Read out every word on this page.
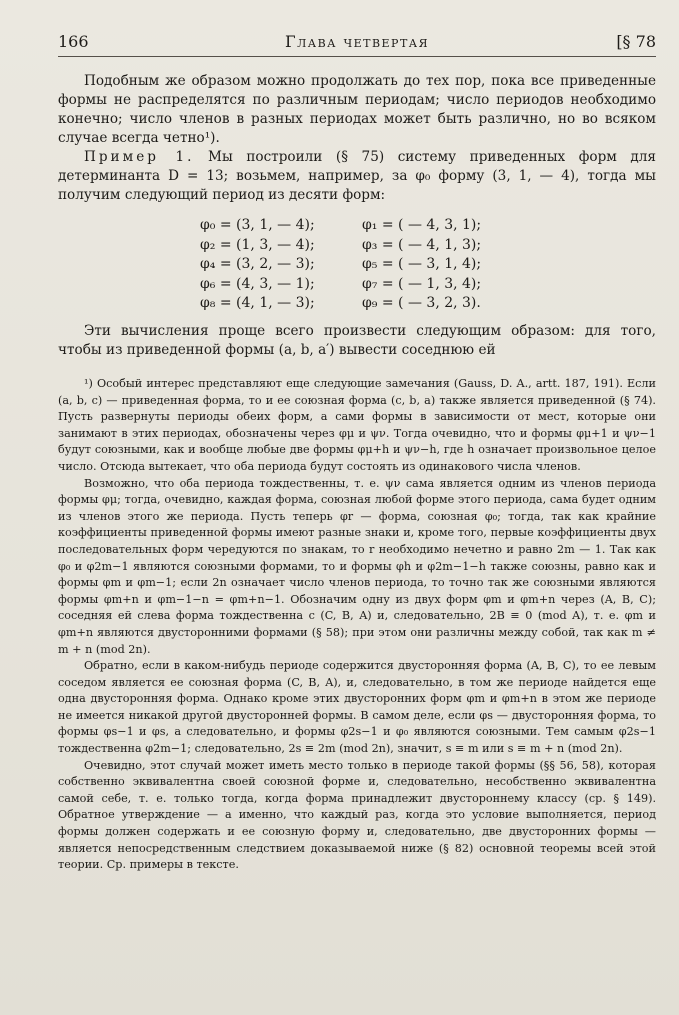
166	Глава четвертая	[§ 78

Подобным же образом можно продолжать до тех пор, пока все приведенные формы не распределятся по различным периодам; число периодов необходимо конечно; число членов в разных периодах может быть различно, но во всяком случае всегда четно¹).

Пример 1. Мы построили (§ 75) систему приведенных форм для детерминанта D = 13; возьмем, например, за φ₀ форму (3, 1, — 4), тогда мы получим следующий период из десяти форм:

φ₀ = (3, 1, — 4);	φ₁ = ( — 4, 3, 1);
φ₂ = (1, 3, — 4);	φ₃ = ( — 4, 1, 3);
φ₄ = (3, 2, — 3);	φ₅ = ( — 3, 1, 4);
φ₆ = (4, 3, — 1);	φ₇ = ( — 1, 3, 4);
φ₈ = (4, 1, — 3);	φ₉ = ( — 3, 2, 3).

Эти вычисления проще всего произвести следующим образом: для того, чтобы из приведенной формы (a, b, a′) вывести соседнюю ей

¹) Особый интерес представляют еще следующие замечания (Gauss, D. A., artt. 187, 191). Если (a, b, c) — приведенная форма, то и ее союзная форма (c, b, a) также является приведенной (§ 74). Пусть развернуты периоды обеих форм, а сами формы в зависимости от мест, которые они занимают в этих периодах, обозначены через φμ и ψν. Тогда очевидно, что и формы φμ+1 и ψν−1 будут союзными, как и вообще любые две формы φμ+h и ψν−h, где h означает произвольное целое число. Отсюда вытекает, что оба периода будут состоять из одинакового числа членов.

Возможно, что оба периода тождественны, т. е. ψν сама является одним из членов периода формы φμ; тогда, очевидно, каждая форма, союзная любой форме этого периода, сама будет одним из членов этого же периода. Пусть теперь φr — форма, союзная φ₀; тогда, так как крайние коэффициенты приведенной формы имеют разные знаки и, кроме того, первые коэффициенты двух последовательных форм чередуются по знакам, то r необходимо нечетно и равно 2m — 1. Так как φ₀ и φ2m−1 являются союзными формами, то и формы φh и φ2m−1−h также союзны, равно как и формы φm и φm−1; если 2n означает число членов периода, то точно так же союзными являются формы φm+n и φm−1−n = φm+n−1. Обозначим одну из двух форм φm и φm+n через (A, B, C); соседняя ей слева форма тождественна с (C, B, A) и, следовательно, 2B ≡ 0 (mod A), т. е. φm и φm+n являются двусторонними формами (§ 58); при этом они различны между собой, так как m ≠ m + n (mod 2n).

Обратно, если в каком-нибудь периоде содержится двусторонняя форма (A, B, C), то ее левым соседом является ее союзная форма (C, B, A), и, следовательно, в том же периоде найдется еще одна двусторонняя форма. Однако кроме этих двусторонних форм φm и φm+n в этом же периоде не имеется никакой другой двусторонней формы. В самом деле, если φs — двусторонняя форма, то формы φs−1 и φs, а следовательно, и формы φ2s−1 и φ₀ являются союзными. Тем самым φ2s−1 тождественна φ2m−1; следовательно, 2s ≡ 2m (mod 2n), значит, s ≡ m или s ≡ m + n (mod 2n).

Очевидно, этот случай может иметь место только в периоде такой формы (§§ 56, 58), которая собственно эквивалентна своей союзной форме и, следовательно, несобственно эквивалентна самой себе, т. е. только тогда, когда форма принадлежит двустороннему классу (ср. § 149). Обратное утверждение — а именно, что каждый раз, когда это условие выполняется, период формы должен содержать и ее союзную форму и, следовательно, две двусторонних формы — является непосредственным следствием доказываемой ниже (§ 82) основной теоремы всей этой теории. Ср. примеры в тексте.
